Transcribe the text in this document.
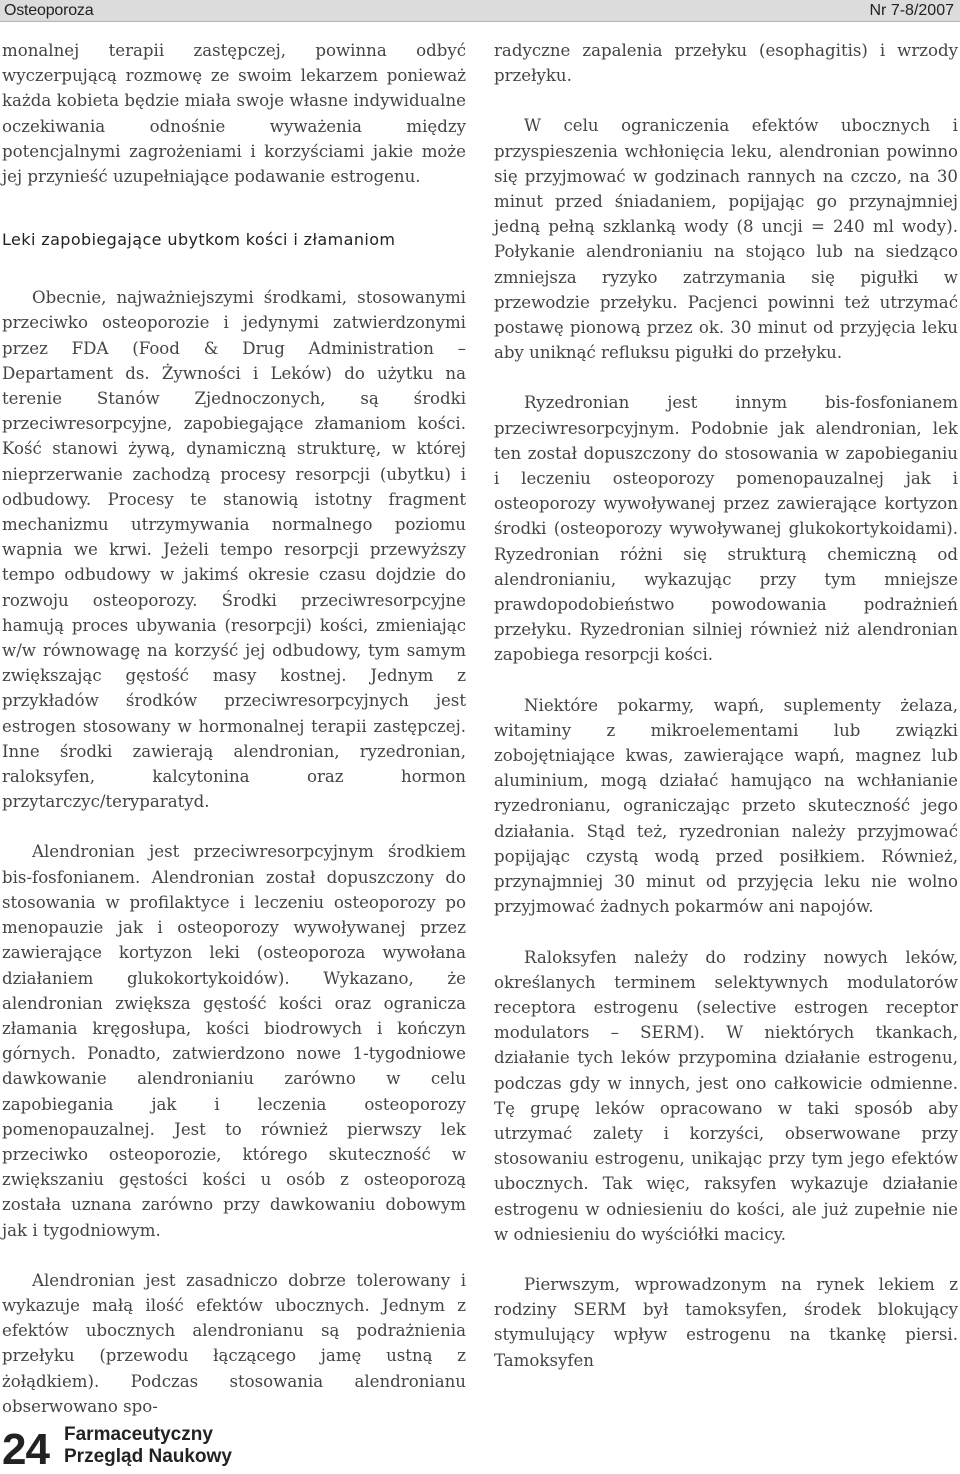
Osteoporoza	Nr 7-8/2007

monalnej terapii zastępczej, powinna odbyć wyczerpującą rozmowę ze swoim lekarzem ponieważ każda kobieta będzie miała swoje własne indywidualne oczekiwania odnośnie wyważenia między potencjalnymi zagrożeniami i korzyściami jakie może jej przynieść uzupełniające podawanie estrogenu.

Leki zapobiegające ubytkom kości i złamaniom

Obecnie, najważniejszymi środkami, stosowanymi przeciwko osteoporozie i jedynymi zatwierdzonymi przez FDA (Food & Drug Administration – Departament ds. Żywności i Leków) do użytku na terenie Stanów Zjednoczonych, są środki przeciwresorpcyjne, zapobiegające złamaniom kości. Kość stanowi żywą, dynamiczną strukturę, w której nieprzerwanie zachodzą procesy resorpcji (ubytku) i odbudowy. Procesy te stanowią istotny fragment mechanizmu utrzymywania normalnego poziomu wapnia we krwi. Jeżeli tempo resorpcji przewyższy tempo odbudowy w jakimś okresie czasu dojdzie do rozwoju osteoporozy. Środki przeciwresorpcyjne hamują proces ubywania (resorpcji) kości, zmieniając w/w równowagę na korzyść jej odbudowy, tym samym zwiększając gęstość masy kostnej. Jednym z przykładów środków przeciwresorpcyjnych jest estrogen stosowany w hormonalnej terapii zastępczej. Inne środki zawierają alendronian, ryzedronian, raloksyfen, kalcytonina oraz hormon przytarczyc/teryparatyd.

Alendronian jest przeciwresorpcyjnym środkiem bis-fosfonianem. Alendronian został dopuszczony do stosowania w profilaktyce i leczeniu osteoporozy po menopauzie jak i osteoporozy wywoływanej przez zawierające kortyzon leki (osteoporoza wywołana działaniem glukokortykoidów). Wykazano, że alendronian zwiększa gęstość kości oraz ogranicza złamania kręgosłupa, kości biodrowych i kończyn górnych. Ponadto, zatwierdzono nowe 1-tygodniowe dawkowanie alendronianiu zarówno w celu zapobiegania jak i leczenia osteoporozy pomenopauzalnej. Jest to również pierwszy lek przeciwko osteoporozie, którego skuteczność w zwiększaniu gęstości kości u osób z osteoporozą została uznana zarówno przy dawkowaniu dobowym jak i tygodniowym.

Alendronian jest zasadniczo dobrze tolerowany i wykazuje małą ilość efektów ubocznych. Jednym z efektów ubocznych alendronianu są podrażnienia przełyku (przewodu łączącego jamę ustną z żołądkiem). Podczas stosowania alendronianu obserwowano spo-

radyczne zapalenia przełyku (esophagitis) i wrzody przełyku.

W celu ograniczenia efektów ubocznych i przyspieszenia wchłonięcia leku, alendronian powinno się przyjmować w godzinach rannych na czczo, na 30 minut przed śniadaniem, popijając go przynajmniej jedną pełną szklanką wody (8 uncji = 240 ml wody). Połykanie alendronianiu na stojąco lub na siedząco zmniejsza ryzyko zatrzymania się pigułki w przewodzie przełyku. Pacjenci powinni też utrzymać postawę pionową przez ok. 30 minut od przyjęcia leku aby uniknąć refluksu pigułki do przełyku.

Ryzedronian jest innym bis-fosfonianem przeciwresorpcyjnym. Podobnie jak alendronian, lek ten został dopuszczony do stosowania w zapobieganiu i leczeniu osteoporozy pomenopauzalnej jak i osteoporozy wywoływanej przez zawierające kortyzon środki (osteoporozy wywoływanej glukokortykoidami). Ryzedronian różni się strukturą chemiczną od alendronianiu, wykazując przy tym mniejsze prawdopodobieństwo powodowania podrażnień przełyku. Ryzedronian silniej również niż alendronian zapobiega resorpcji kości.

Niektóre pokarmy, wapń, suplementy żelaza, witaminy z mikroelementami lub związki zobojętniające kwas, zawierające wapń, magnez lub aluminium, mogą działać hamująco na wchłanianie ryzedronianu, ograniczając przeto skuteczność jego działania. Stąd też, ryzedronian należy przyjmować popijając czystą wodą przed posiłkiem. Również, przynajmniej 30 minut od przyjęcia leku nie wolno przyjmować żadnych pokarmów ani napojów.

Raloksyfen należy do rodziny nowych leków, określanych terminem selektywnych modulatorów receptora estrogenu (selective estrogen receptor modulators – SERM). W niektórych tkankach, działanie tych leków przypomina działanie estrogenu, podczas gdy w innych, jest ono całkowicie odmienne. Tę grupę leków opracowano w taki sposób aby utrzymać zalety i korzyści, obserwowane przy stosowaniu estrogenu, unikając przy tym jego efektów ubocznych. Tak więc, raksyfen wykazuje działanie estrogenu w odniesieniu do kości, ale już zupełnie nie w odniesieniu do wyściółki macicy.

Pierwszym, wprowadzonym na rynek lekiem z rodziny SERM był tamoksyfen, środek blokujący stymulujący wpływ estrogenu na tkankę piersi. Tamoksyfen

24 Farmaceutyczny
Przegląd Naukowy
